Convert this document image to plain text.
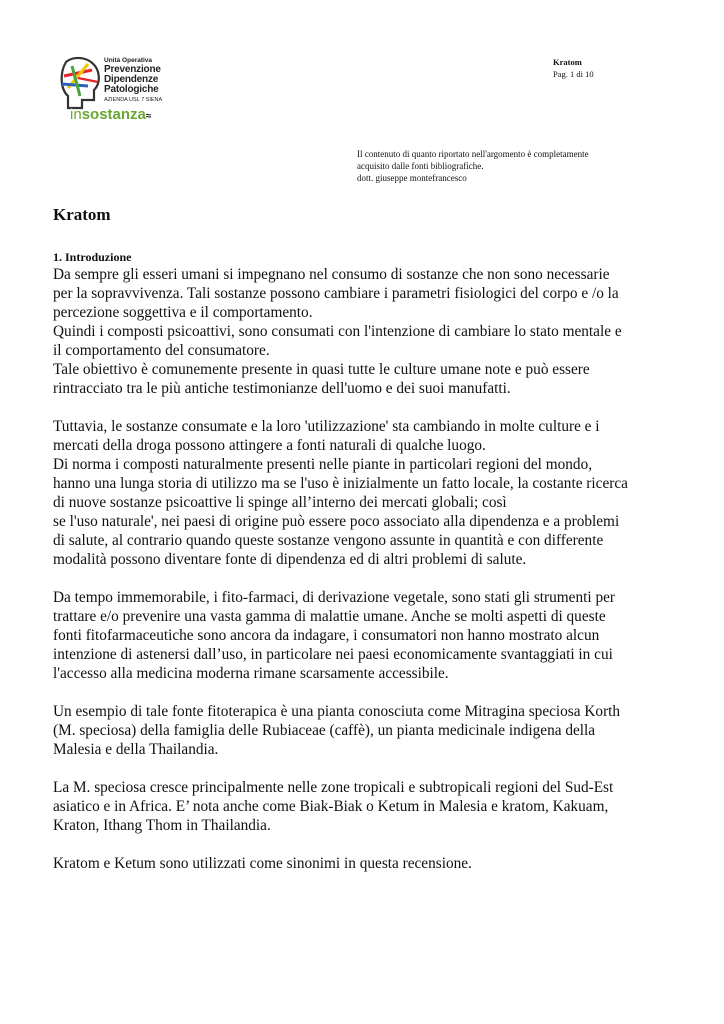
Unità Operativa
Prevenzione
Dipendenze
Patologiche
AZIENDA USL 7 SIENA
insostanza≈
Kratom
Pag. 1 di 10
Il contenuto di quanto riportato nell'argomento è completamente
acquisito dalle fonti bibliografiche.
dott. giuseppe montefrancesco
Kratom
1. Introduzione

Da sempre gli esseri umani si impegnano nel consumo di sostanze che non sono necessarie
per la sopravvivenza. Tali sostanze possono cambiare i parametri fisiologici del corpo e /o la
percezione soggettiva e il comportamento.
Quindi i composti psicoattivi, sono consumati con l'intenzione di cambiare lo stato mentale e
il comportamento del consumatore.
Tale obiettivo è comunemente presente in quasi tutte le culture umane note e può essere
rintracciato tra le più antiche testimonianze dell'uomo e dei suoi manufatti.

Tuttavia, le sostanze consumate e la loro 'utilizzazione' sta cambiando in molte culture e i
mercati della droga possono attingere a fonti naturali di qualche luogo.
Di norma i composti naturalmente presenti nelle piante in particolari regioni del mondo,
hanno una lunga storia di utilizzo ma se l'uso è inizialmente un fatto locale, la costante ricerca
di nuove sostanze psicoattive li spinge all’interno dei mercati globali; così
se l'uso naturale', nei paesi di origine può essere poco associato alla dipendenza e a problemi
di salute, al contrario quando queste sostanze vengono assunte in quantità e con differente
modalità possono diventare fonte di dipendenza ed di altri problemi di salute.

Da tempo immemorabile, i fito-farmaci, di derivazione vegetale, sono stati gli strumenti per
trattare e/o prevenire una vasta gamma di malattie umane. Anche se molti aspetti di queste
fonti fitofarmaceutiche sono ancora da indagare, i consumatori non hanno mostrato alcun
intenzione di astenersi dall’uso, in particolare nei paesi economicamente svantaggiati in cui
l'accesso alla medicina moderna rimane scarsamente accessibile.

Un esempio di tale fonte fitoterapica è una pianta conosciuta come Mitragina speciosa Korth
(M. speciosa) della famiglia delle Rubiaceae (caffè), un pianta medicinale indigena della
Malesia e della Thailandia.

La M. speciosa cresce principalmente nelle zone tropicali e subtropicali regioni del Sud-Est
asiatico e in Africa. E’ nota anche come Biak-Biak o Ketum in Malesia e kratom, Kakuam,
Kraton, Ithang Thom in Thailandia.

Kratom e Ketum sono utilizzati come sinonimi in questa recensione.
